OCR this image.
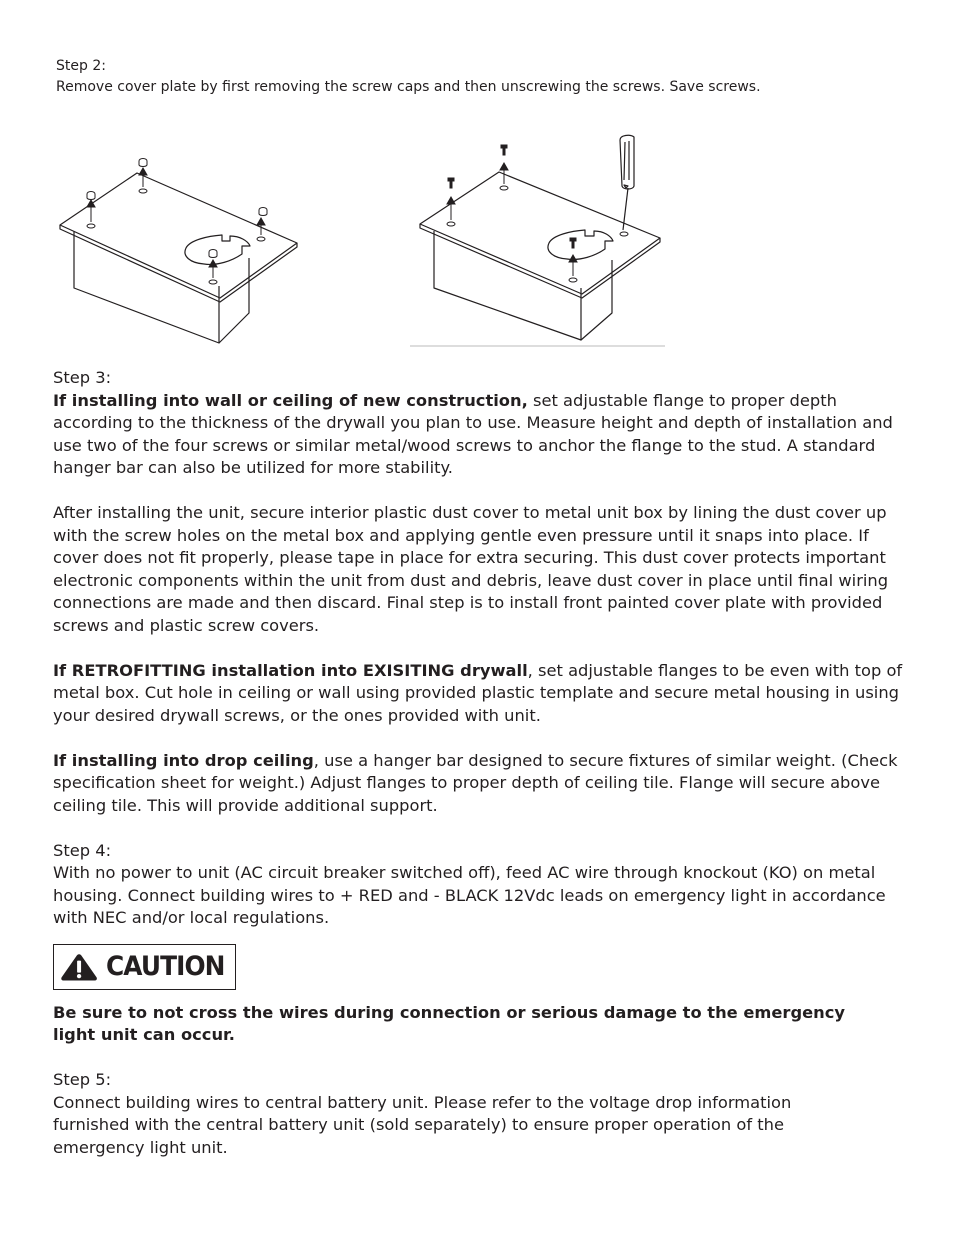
Step 2:

Remove cover plate by first removing the screw caps and then unscrewing the screws. Save screws.

Step 3:

If installing into wall or ceiling of new construction, set adjustable flange to proper depth according to the thickness of the drywall you plan to use. Measure height and depth of installation and use two of the four screws or similar metal/wood screws to anchor the flange to the stud. A standard hanger bar can also be utilized for more stability.

After installing the unit, secure interior plastic dust cover to metal unit box by lining the dust cover up with the screw holes on the metal box and applying gentle even pressure until it snaps into place. If cover does not fit properly, please tape in place for extra securing. This dust cover protects important electronic components within the unit from dust and debris, leave dust cover in place until final wiring connections are made and then discard. Final step is to install front painted cover plate with provided screws and plastic screw covers.

If RETROFITTING installation into EXISITING drywall, set adjustable flanges to be even with top of metal box. Cut hole in ceiling or wall using provided plastic template and secure metal housing in using your desired drywall screws, or the ones provided with unit.

If installing into drop ceiling, use a hanger bar designed to secure fixtures of similar weight. (Check specification sheet for weight.) Adjust flanges to proper depth of ceiling tile. Flange will secure above ceiling tile. This will provide additional support.

Step 4:

With no power to unit (AC circuit breaker switched off), feed AC wire through knockout (KO) on metal housing. Connect building wires to + RED and - BLACK 12Vdc leads on emergency light in accordance with NEC and/or local regulations.

CAUTION

Be sure to not cross the wires during connection or serious damage to the emergency light unit can occur.

Step 5:

Connect building wires to central battery unit. Please refer to the voltage drop information

furnished with the central battery unit (sold separately) to ensure proper operation of the

emergency light unit.
